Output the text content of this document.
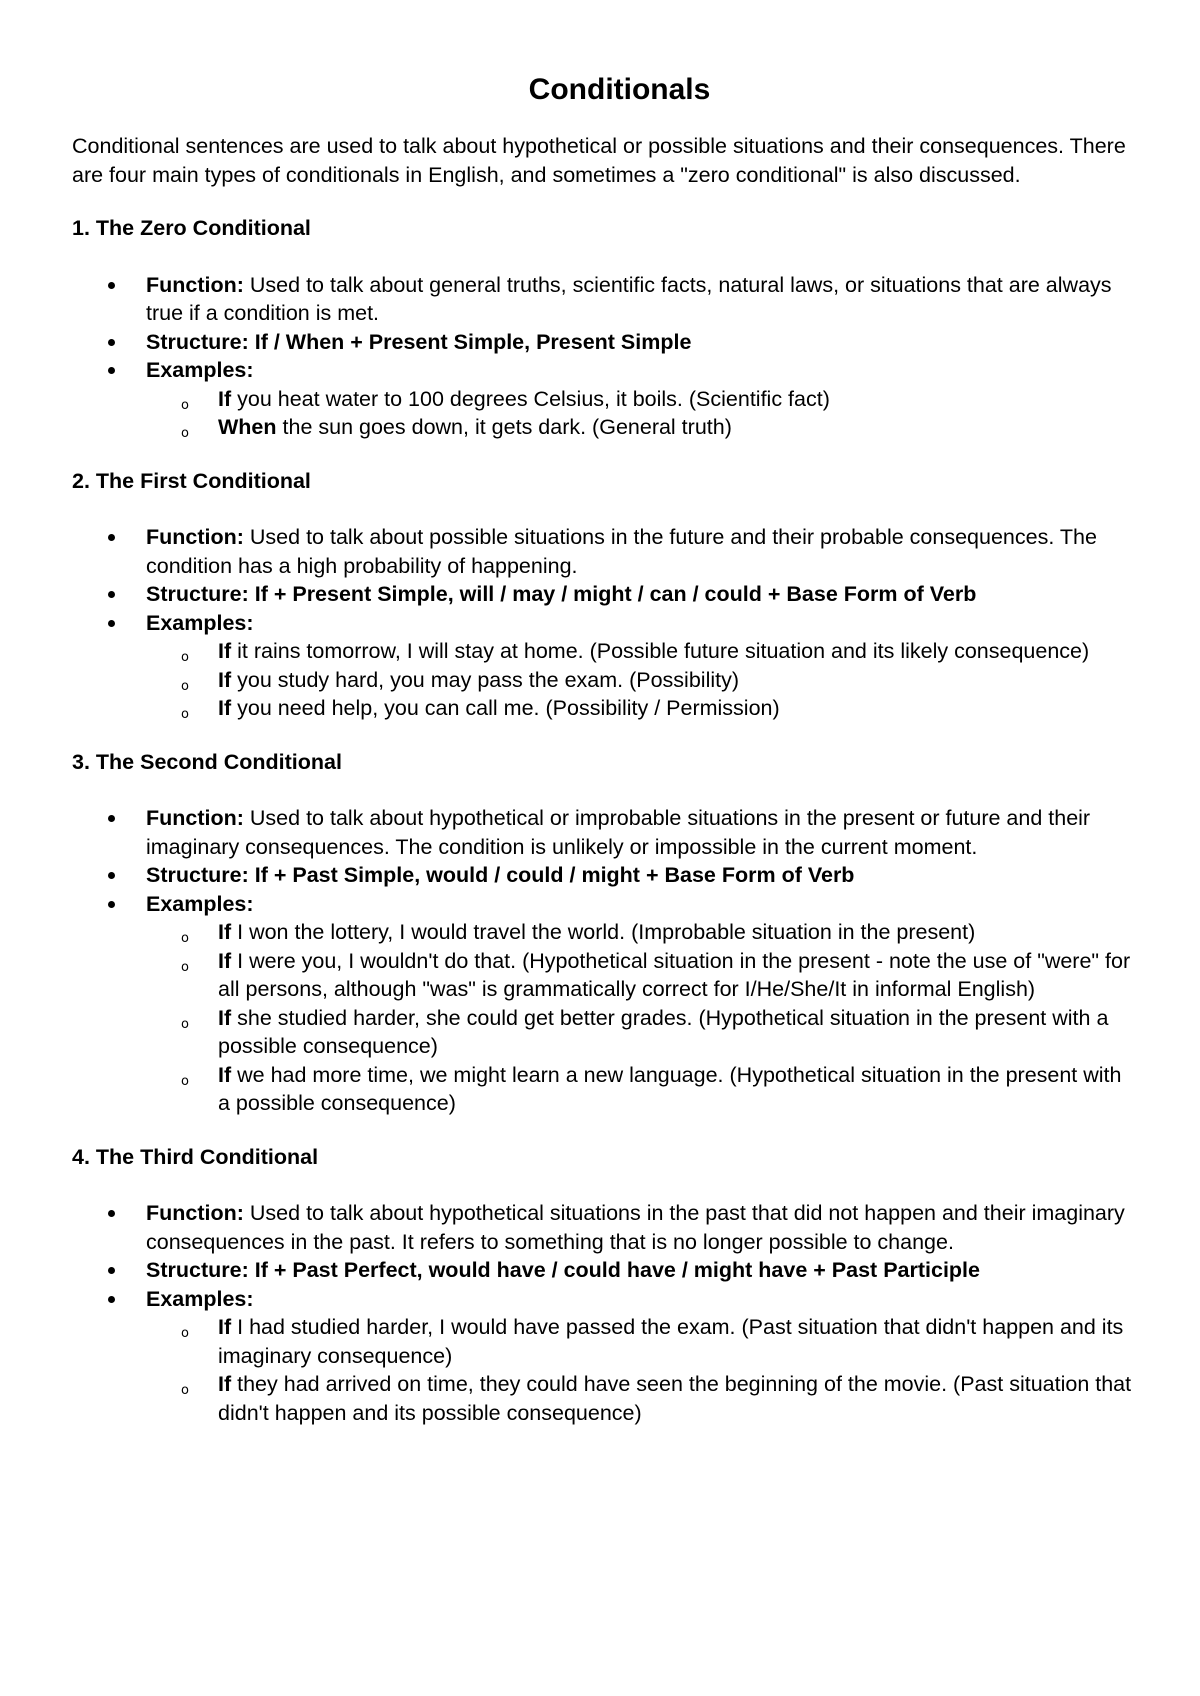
Conditionals

Conditional sentences are used to talk about hypothetical or possible situations and their consequences. There are four main types of conditionals in English, and sometimes a "zero conditional" is also discussed.

1. The Zero Conditional
Function: Used to talk about general truths, scientific facts, natural laws, or situations that are always true if a condition is met.
Structure: If / When + Present Simple, Present Simple
Examples:
o If you heat water to 100 degrees Celsius, it boils. (Scientific fact)
o When the sun goes down, it gets dark. (General truth)
2. The First Conditional
Function: Used to talk about possible situations in the future and their probable consequences. The condition has a high probability of happening.
Structure: If + Present Simple, will / may / might / can / could + Base Form of Verb
Examples:
o If it rains tomorrow, I will stay at home. (Possible future situation and its likely consequence)
o If you study hard, you may pass the exam. (Possibility)
o If you need help, you can call me. (Possibility / Permission)
3. The Second Conditional
Function: Used to talk about hypothetical or improbable situations in the present or future and their imaginary consequences. The condition is unlikely or impossible in the current moment.
Structure: If + Past Simple, would / could / might + Base Form of Verb
Examples:
o If I won the lottery, I would travel the world. (Improbable situation in the present)
o If I were you, I wouldn't do that. (Hypothetical situation in the present - note the use of "were" for all persons, although "was" is grammatically correct for I/He/She/It in informal English)
o If she studied harder, she could get better grades. (Hypothetical situation in the present with a possible consequence)
o If we had more time, we might learn a new language. (Hypothetical situation in the present with a possible consequence)
4. The Third Conditional
Function: Used to talk about hypothetical situations in the past that did not happen and their imaginary consequences in the past. It refers to something that is no longer possible to change.
Structure: If + Past Perfect, would have / could have / might have + Past Participle
Examples:
o If I had studied harder, I would have passed the exam. (Past situation that didn't happen and its imaginary consequence)
o If they had arrived on time, they could have seen the beginning of the movie. (Past situation that didn't happen and its possible consequence)
